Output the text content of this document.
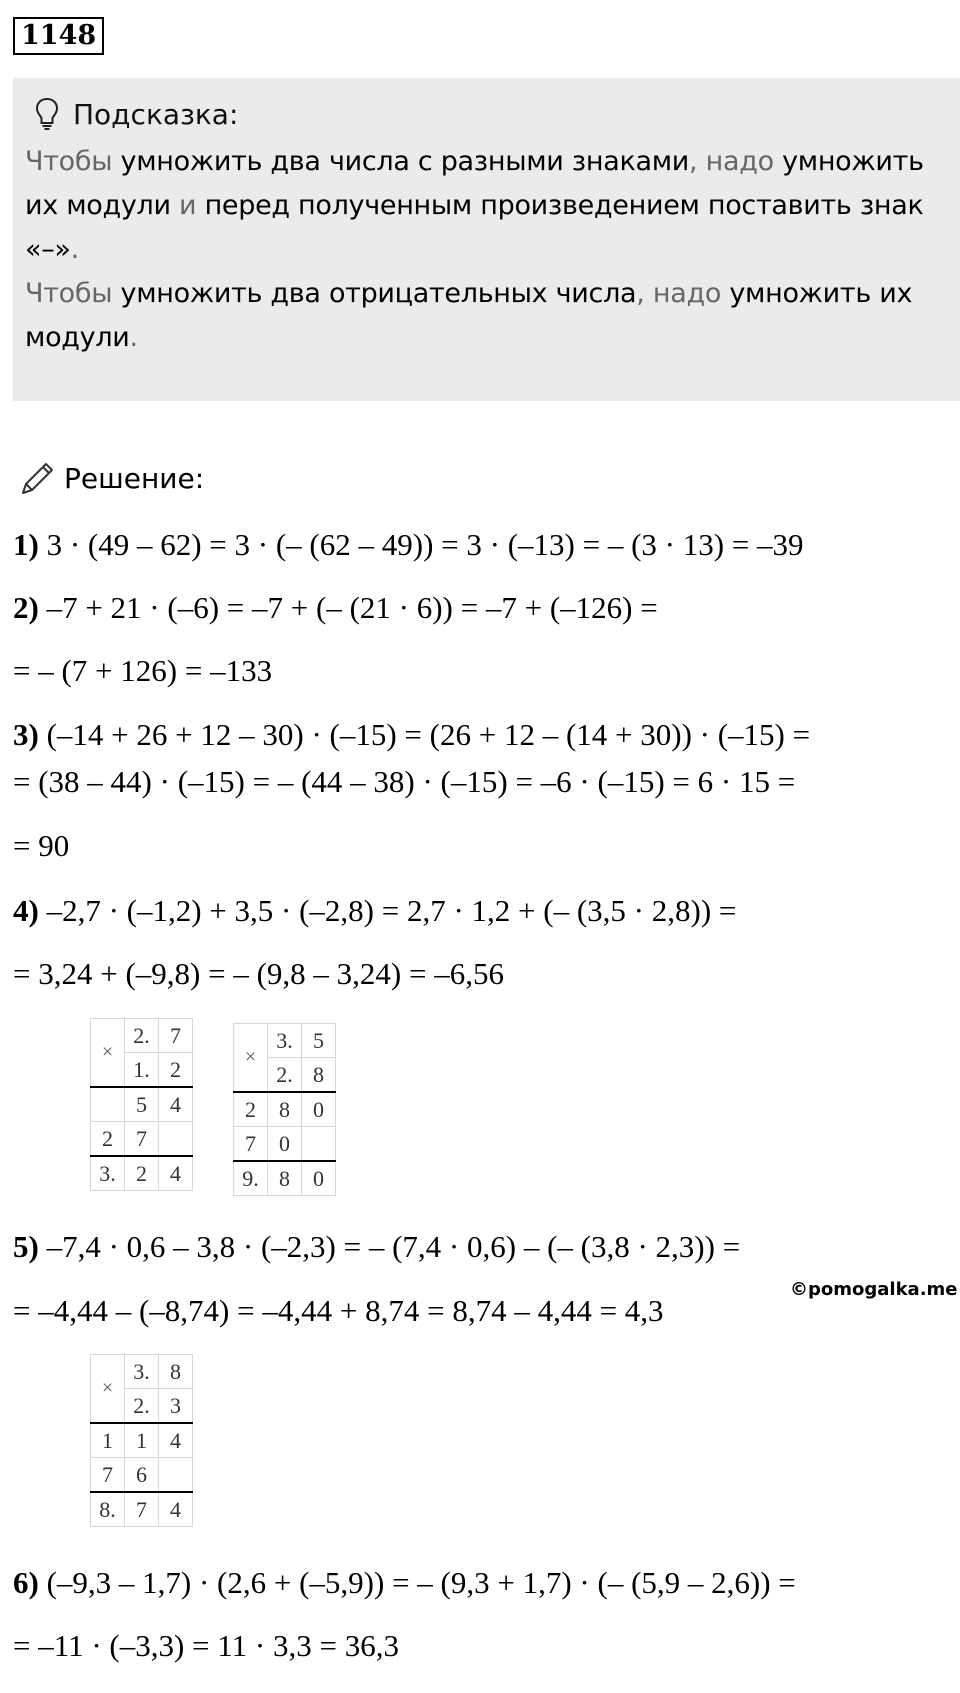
1148
Подсказка:
Чтобы умножить два числа с разными знаками, надо умножить их модули и перед полученным произведением поставить знак «–».
Чтобы умножить два отрицательных числа, надо умножить их модули.
Решение:
1) 3 · (49 – 62) = 3 · (– (62 – 49)) = 3 · (–13) = – (3 · 13) = –39
2) –7 + 21 · (–6) = –7 + (– (21 · 6)) = –7 + (–126) =
= – (7 + 126) = –133
3) (–14 + 26 + 12 – 30) · (–15) = (26 + 12 – (14 + 30)) · (–15) =
= (38 – 44) · (–15) = – (44 – 38) · (–15) = –6 · (–15) = 6 · 15 =
= 90
4) –2,7 · (–1,2) + 3,5 · (–2,8) = 2,7 · 1,2 + (– (3,5 · 2,8)) =
= 3,24 + (–9,8) = – (9,8 – 3,24) = –6,56
×	2.	7
	1.	2
	5	4
2	7	
3.	2	4
×	3.	5
	2.	8
2	8	0
7	0	
9.	8	0
5) –7,4 · 0,6 – 3,8 · (–2,3) = – (7,4 · 0,6) – (– (3,8 · 2,3)) =
= –4,44 – (–8,74) = –4,44 + 8,74 = 8,74 – 4,44 = 4,3
©pomogalka.me
×	3.	8
	2.	3
1	1	4
7	6	
8.	7	4
6) (–9,3 – 1,7) · (2,6 + (–5,9)) = – (9,3 + 1,7) · (– (5,9 – 2,6)) =
= –11 · (–3,3) = 11 · 3,3 = 36,3
